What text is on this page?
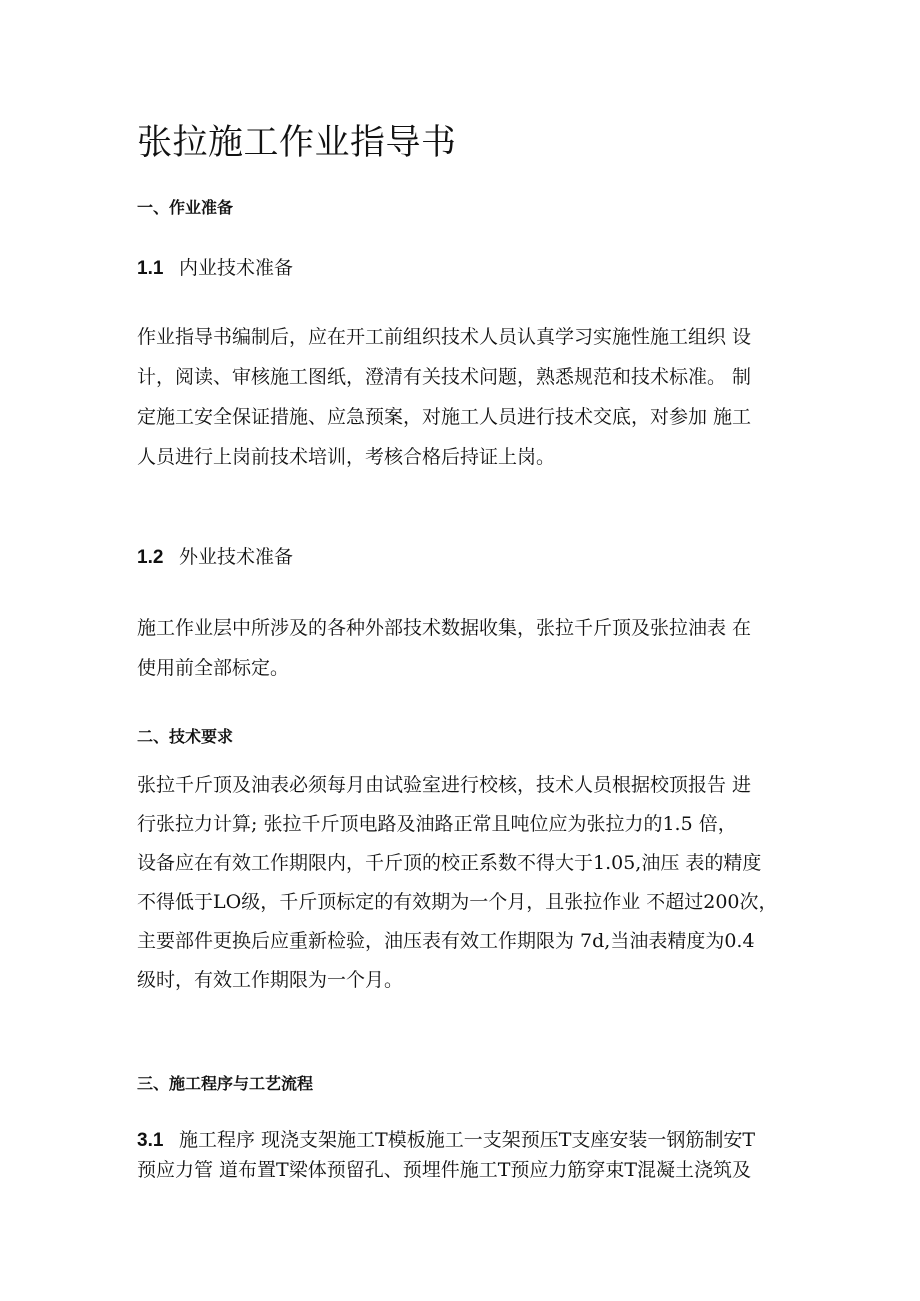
张拉施工作业指导书
一、作业准备
1.1 内业技术准备
作业指导书编制后，应在开工前组织技术人员认真学习实施性施工组织 设
计，阅读、审核施工图纸，澄清有关技术问题，熟悉规范和技术标准。 制
定施工安全保证措施、应急预案，对施工人员进行技术交底，对参加 施工
人员进行上岗前技术培训，考核合格后持证上岗。
1.2 外业技术准备
施工作业层中所涉及的各种外部技术数据收集，张拉千斤顶及张拉油表 在
使用前全部标定。
二、技术要求
张拉千斤顶及油表必须每月由试验室进行校核，技术人员根据校顶报告 进
行张拉力计算; 张拉千斤顶电路及油路正常且吨位应为张拉力的1.5 倍，
设备应在有效工作期限内，千斤顶的校正系数不得大于1.05,油压 表的精度
不得低于LO级，千斤顶标定的有效期为一个月，且张拉作业 不超过200次，
主要部件更换后应重新检验，油压表有效工作期限为 7d,当油表精度为0.4
级时，有效工作期限为一个月。
三、施工程序与工艺流程
3.1 施工程序 现浇支架施工T模板施工一支架预压T支座安装一钢筋制安T
预应力管 道布置T梁体预留孔、预埋件施工T预应力筋穿束T混凝土浇筑及
